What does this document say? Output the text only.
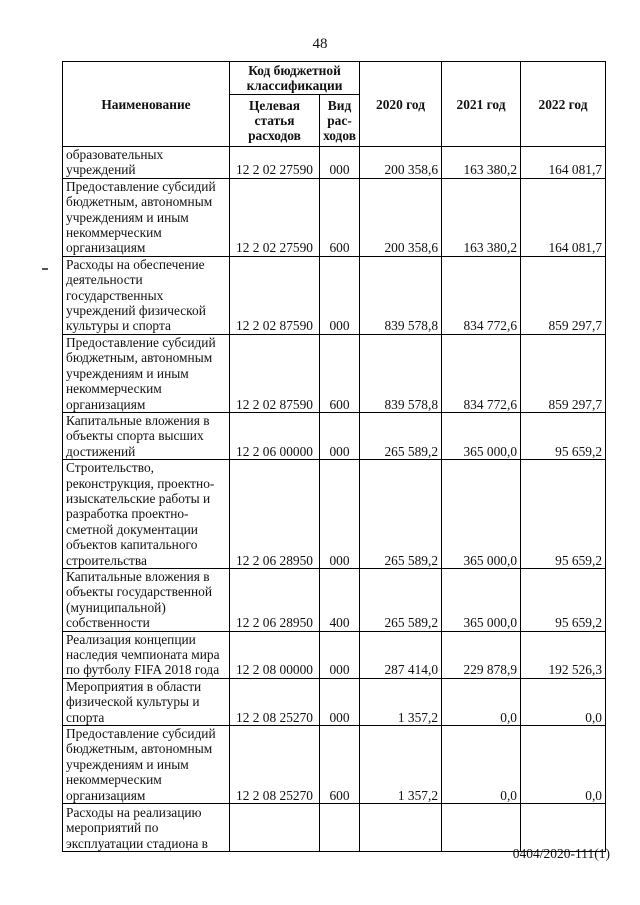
48
Наименование	Код бюджетной классификации		2020 год	2021 год	2022 год
	Целевая статья расходов	Вид рас-ходов			
образовательных учреждений	12 2 02 27590	000	200 358,6	163 380,2	164 081,7
Предоставление субсидий бюджетным, автономным учреждениям и иным некоммерческим организациям	12 2 02 27590	600	200 358,6	163 380,2	164 081,7
Расходы на обеспечение деятельности государственных учреждений физической культуры и спорта	12 2 02 87590	000	839 578,8	834 772,6	859 297,7
Предоставление субсидий бюджетным, автономным учреждениям и иным некоммерческим организациям	12 2 02 87590	600	839 578,8	834 772,6	859 297,7
Капитальные вложения в объекты спорта высших достижений	12 2 06 00000	000	265 589,2	365 000,0	95 659,2
Строительство, реконструкция, проектно-изыскательские работы и разработка проектно-сметной документации объектов капитального строительства	12 2 06 28950	000	265 589,2	365 000,0	95 659,2
Капитальные вложения в объекты государственной (муниципальной) собственности	12 2 06 28950	400	265 589,2	365 000,0	95 659,2
Реализация концепции наследия чемпионата мира по футболу FIFA 2018 года	12 2 08 00000	000	287 414,0	229 878,9	192 526,3
Мероприятия в области физической культуры и спорта	12 2 08 25270	000	1 357,2	0,0	0,0
Предоставление субсидий бюджетным, автономным учреждениям и иным некоммерческим организациям	12 2 08 25270	600	1 357,2	0,0	0,0
Расходы на реализацию мероприятий по эксплуатации стадиона в					
0404/2020-111(1)
